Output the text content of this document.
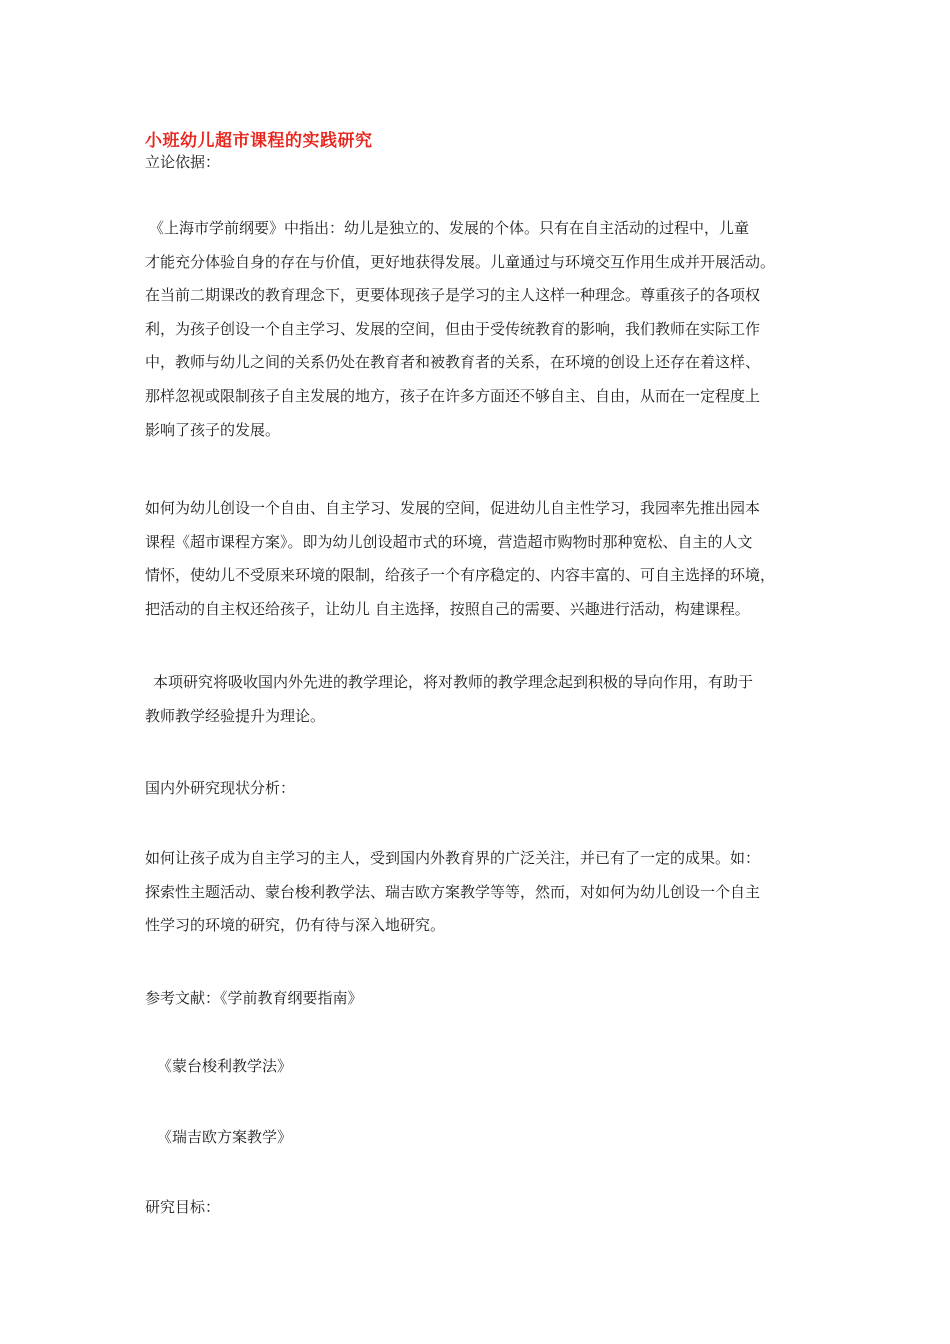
小班幼儿超市课程的实践研究
立论依据：
《上海市学前纲要》中指出：幼儿是独立的、发展的个体。只有在自主活动的过程中，儿童
才能充分体验自身的存在与价值，更好地获得发展。儿童通过与环境交互作用生成并开展活动。
在当前二期课改的教育理念下，更要体现孩子是学习的主人这样一种理念。尊重孩子的各项权
利，为孩子创设一个自主学习、发展的空间，但由于受传统教育的影响，我们教师在实际工作
中，教师与幼儿之间的关系仍处在教育者和被教育者的关系，在环境的创设上还存在着这样、
那样忽视或限制孩子自主发展的地方，孩子在许多方面还不够自主、自由，从而在一定程度上
影响了孩子的发展。
如何为幼儿创设一个自由、自主学习、发展的空间，促进幼儿自主性学习，我园率先推出园本
课程《超市课程方案》。即为幼儿创设超市式的环境，营造超市购物时那种宽松、自主的人文
情怀，使幼儿不受原来环境的限制，给孩子一个有序稳定的、内容丰富的、可自主选择的环境，
把活动的自主权还给孩子，让幼儿 自主选择，按照自己的需要、兴趣进行活动，构建课程。
本项研究将吸收国内外先进的教学理论，将对教师的教学理念起到积极的导向作用，有助于
教师教学经验提升为理论。
国内外研究现状分析：
如何让孩子成为自主学习的主人，受到国内外教育界的广泛关注，并已有了一定的成果。如：
探索性主题活动、蒙台梭利教学法、瑞吉欧方案教学等等，然而，对如何为幼儿创设一个自主
性学习的环境的研究，仍有待与深入地研究。
参考文献：《学前教育纲要指南》
《蒙台梭利教学法》
《瑞吉欧方案教学》
研究目标：
